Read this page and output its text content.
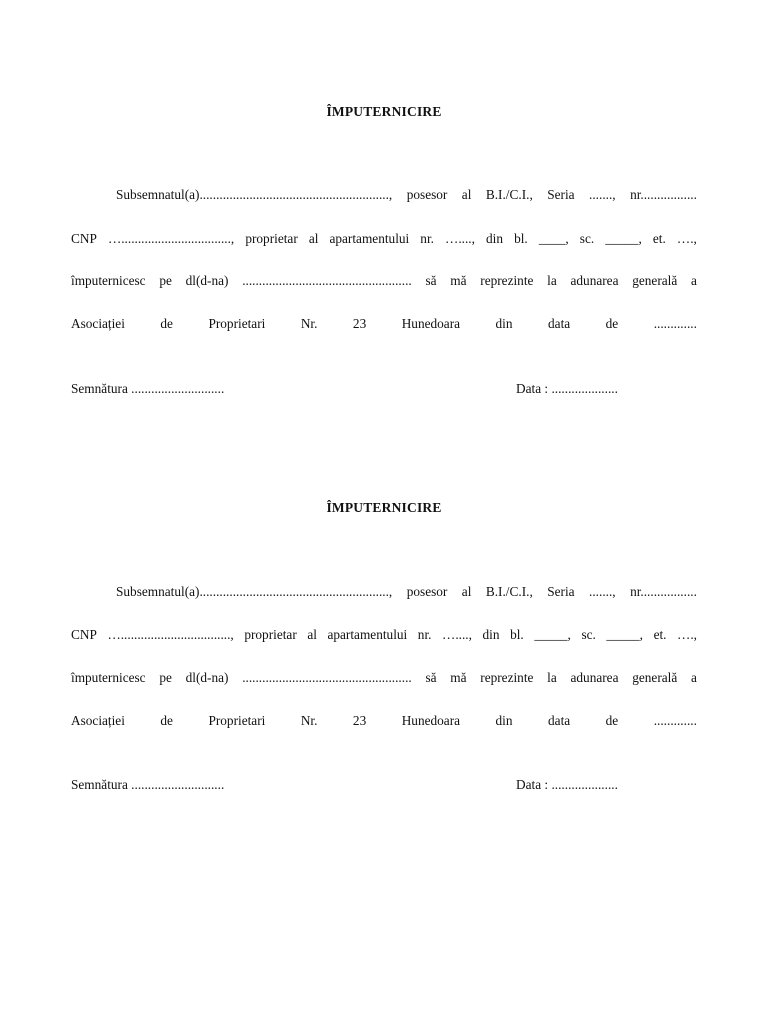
ÎMPUTERNICIRE
Subsemnatul(a)........................................................., posesor al B.I./C.I., Seria ......., nr.................
CNP …................................., proprietar al apartamentului nr. …...., din bl. ____, sc. _____, et. ….,
împuternicesc pe dl(d-na) ................................................... să mă reprezinte la adunarea generală a
Asociației	de	Proprietari	Nr.	23	Hunedoara	din	data	de	.............
Semnătura ............................	Data : ....................
ÎMPUTERNICIRE
Subsemnatul(a)........................................................., posesor al B.I./C.I., Seria ......., nr.................
CNP …................................., proprietar al apartamentului nr. …...., din bl. _____, sc. _____, et. ….,
împuternicesc pe dl(d-na) ................................................... să mă reprezinte la adunarea generală a
Asociației	de	Proprietari	Nr.	23	Hunedoara	din	data	de	.............
Semnătura ............................	Data : ....................
